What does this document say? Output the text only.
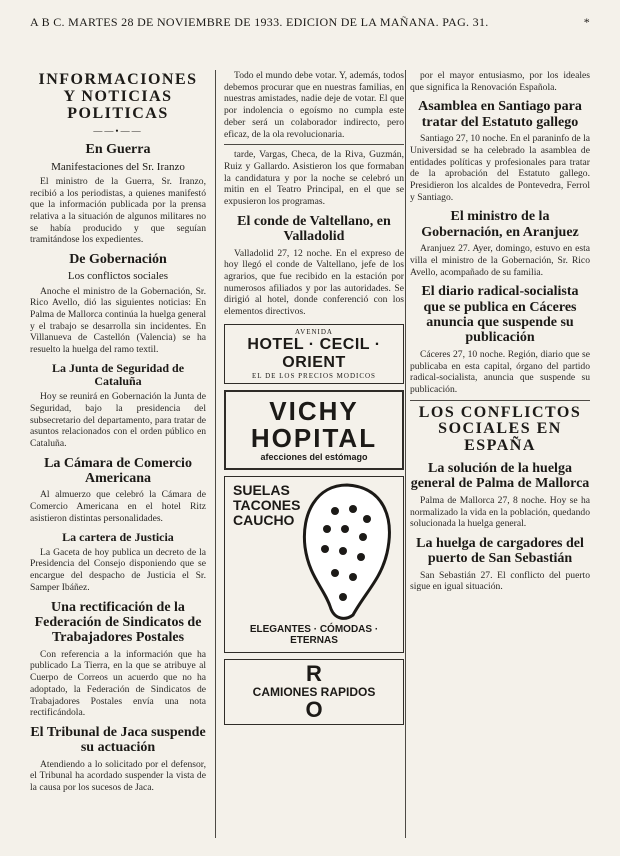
A B C. MARTES 28 DE NOVIEMBRE DE 1933. EDICION DE LA MAÑANA. PAG. 31.	*
INFORMACIONES Y NOTICIAS POLITICAS
——•——
En Guerra
Manifestaciones del Sr. Iranzo

El ministro de la Guerra, Sr. Iranzo, recibió a los periodistas, a quienes manifestó que la información publicada por la prensa relativa a la situación de algunos militares no se había producido y que seguían tramitándose los expedientes.

De Gobernación
Los conflictos sociales

Anoche el ministro de la Gobernación, Sr. Rico Avello, dió las siguientes noticias: En Palma de Mallorca continúa la huelga general y el trabajo se desarrolla sin incidentes. En Villanueva de Castellón (Valencia) se ha resuelto la huelga del ramo textil.

La Junta de Seguridad de Cataluña

Hoy se reunirá en Gobernación la Junta de Seguridad, bajo la presidencia del subsecretario del departamento, para tratar de asuntos relacionados con el orden público en Cataluña.

La Cámara de Comercio Americana

Al almuerzo que celebró la Cámara de Comercio Americana en el hotel Ritz asistieron distintas personalidades.

La cartera de Justicia

La Gaceta de hoy publica un decreto de la Presidencia del Consejo disponiendo que se encargue del despacho de Justicia el Sr. Samper Ibáñez.

Una rectificación de la Federación de Sindicatos de Trabajadores Postales

Con referencia a la información que ha publicado La Tierra, en la que se atribuye al Cuerpo de Correos un acuerdo que no ha adoptado, la Federación de Sindicatos de Trabajadores Postales envía una nota rectificándola.

El Tribunal de Jaca suspende su actuación

Atendiendo a lo solicitado por el defensor, el Tribunal ha acordado suspender la vista de la causa por los sucesos de Jaca.

Todo el mundo debe votar. Y, además, todos debemos procurar que en nuestras familias, en nuestras amistades, nadie deje de votar. El que por indolencia o egoísmo no cumpla este deber será un colaborador indirecto, pero eficaz, de la ola revolucionaria.

tarde, Vargas, Checa, de la Riva, Guzmán, Ruiz y Gallardo. Asistieron los que formaban la candidatura y por la noche se celebró un mitin en el Teatro Principal, en el que se expusieron los programas.

El conde de Valtellano, en Valladolid

Valladolid 27, 12 noche. En el expreso de hoy llegó el conde de Valtellano, jefe de los agrarios, que fue recibido en la estación por numerosos afiliados y por las autoridades. Se dirigió al hotel, donde conferenció con los elementos directivos.

AVENIDA
HOTEL · CECIL · ORIENT
EL DE LOS PRECIOS MODICOS
VICHY
HOPITAL
afecciones del estómago
SUELAS
TACONES
CAUCHO
ELEGANTES · CÓMODAS · ETERNAS
R
CAMIONES RAPIDOS
O

por el mayor entusiasmo, por los ideales que significa la Renovación Española.

Asamblea en Santiago para tratar del Estatuto gallego

Santiago 27, 10 noche. En el paraninfo de la Universidad se ha celebrado la asamblea de entidades políticas y profesionales para tratar de la aprobación del Estatuto gallego. Presidieron los alcaldes de Pontevedra, Ferrol y Santiago.

El ministro de la Gobernación, en Aranjuez

Aranjuez 27. Ayer, domingo, estuvo en esta villa el ministro de la Gobernación, Sr. Rico Avello, acompañado de su familia.

El diario radical-socialista que se publica en Cáceres anuncia que suspende su publicación

Cáceres 27, 10 noche. Región, diario que se publicaba en esta capital, órgano del partido radical-socialista, anuncia que suspende su publicación.

LOS CONFLICTOS SOCIALES EN ESPAÑA
La solución de la huelga general de Palma de Mallorca

Palma de Mallorca 27, 8 noche. Hoy se ha normalizado la vida en la población, quedando solucionada la huelga general.

La huelga de cargadores del puerto de San Sebastián

San Sebastián 27. El conflicto del puerto sigue en igual situación.
